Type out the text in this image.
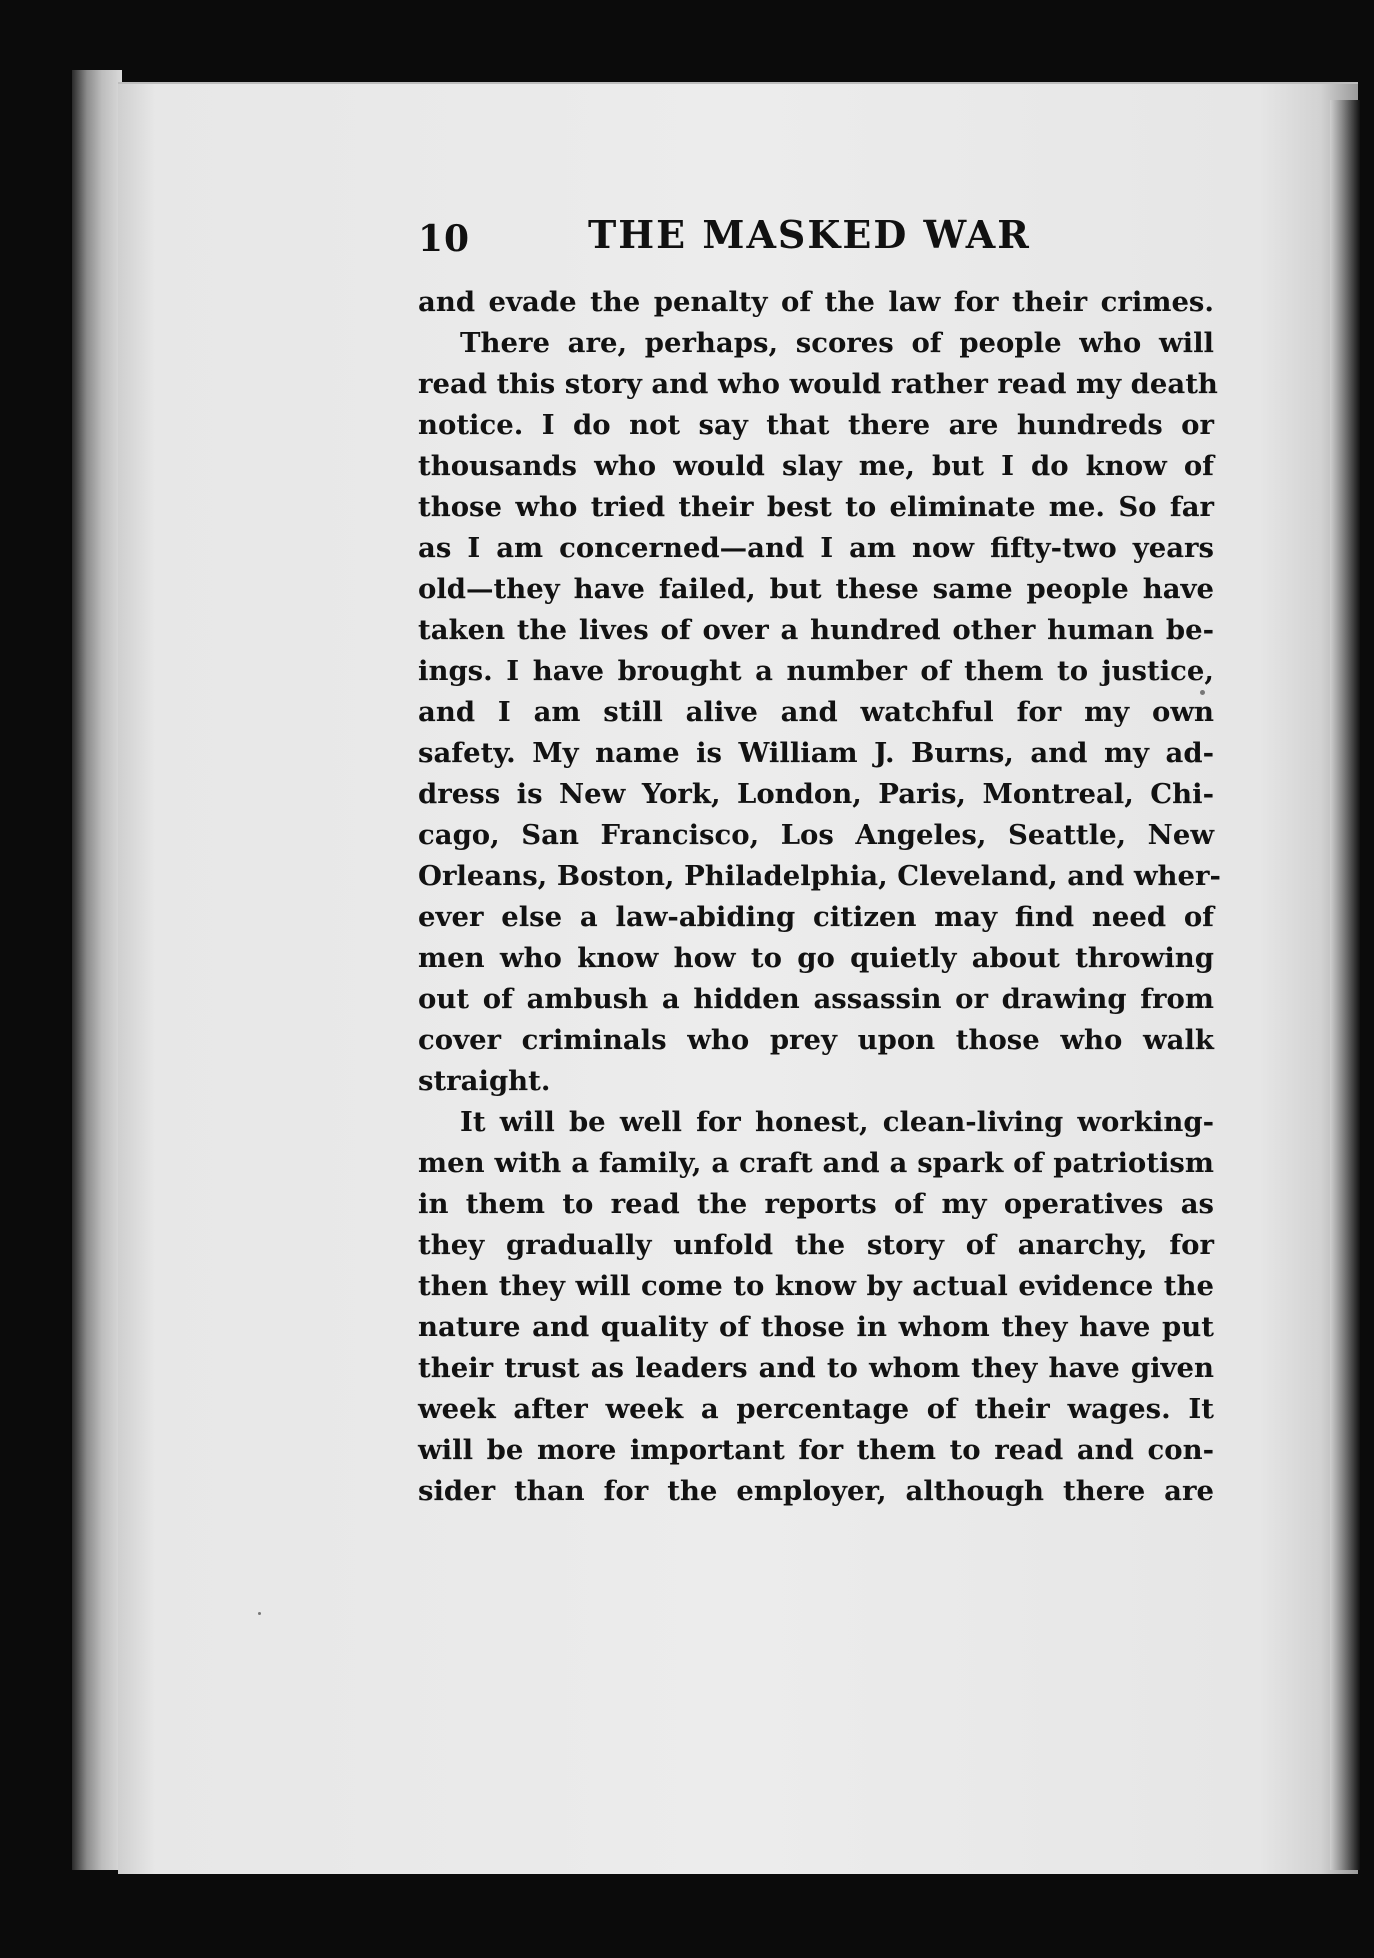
10	THE MASKED WAR
and evade the penalty of the law for their crimes.
There are, perhaps, scores of people who will
read this story and who would rather read my death
notice. I do not say that there are hundreds or
thousands who would slay me, but I do know of
those who tried their best to eliminate me. So far
as I am concerned—and I am now fifty-two years
old—they have failed, but these same people have
taken the lives of over a hundred other human be-
ings. I have brought a number of them to justice,
and I am still alive and watchful for my own
safety. My name is William J. Burns, and my ad-
dress is New York, London, Paris, Montreal, Chi-
cago, San Francisco, Los Angeles, Seattle, New
Orleans, Boston, Philadelphia, Cleveland, and wher-
ever else a law-abiding citizen may find need of
men who know how to go quietly about throwing
out of ambush a hidden assassin or drawing from
cover criminals who prey upon those who walk
straight.
It will be well for honest, clean-living working-
men with a family, a craft and a spark of patriotism
in them to read the reports of my operatives as
they gradually unfold the story of anarchy, for
then they will come to know by actual evidence the
nature and quality of those in whom they have put
their trust as leaders and to whom they have given
week after week a percentage of their wages. It
will be more important for them to read and con-
sider than for the employer, although there are
